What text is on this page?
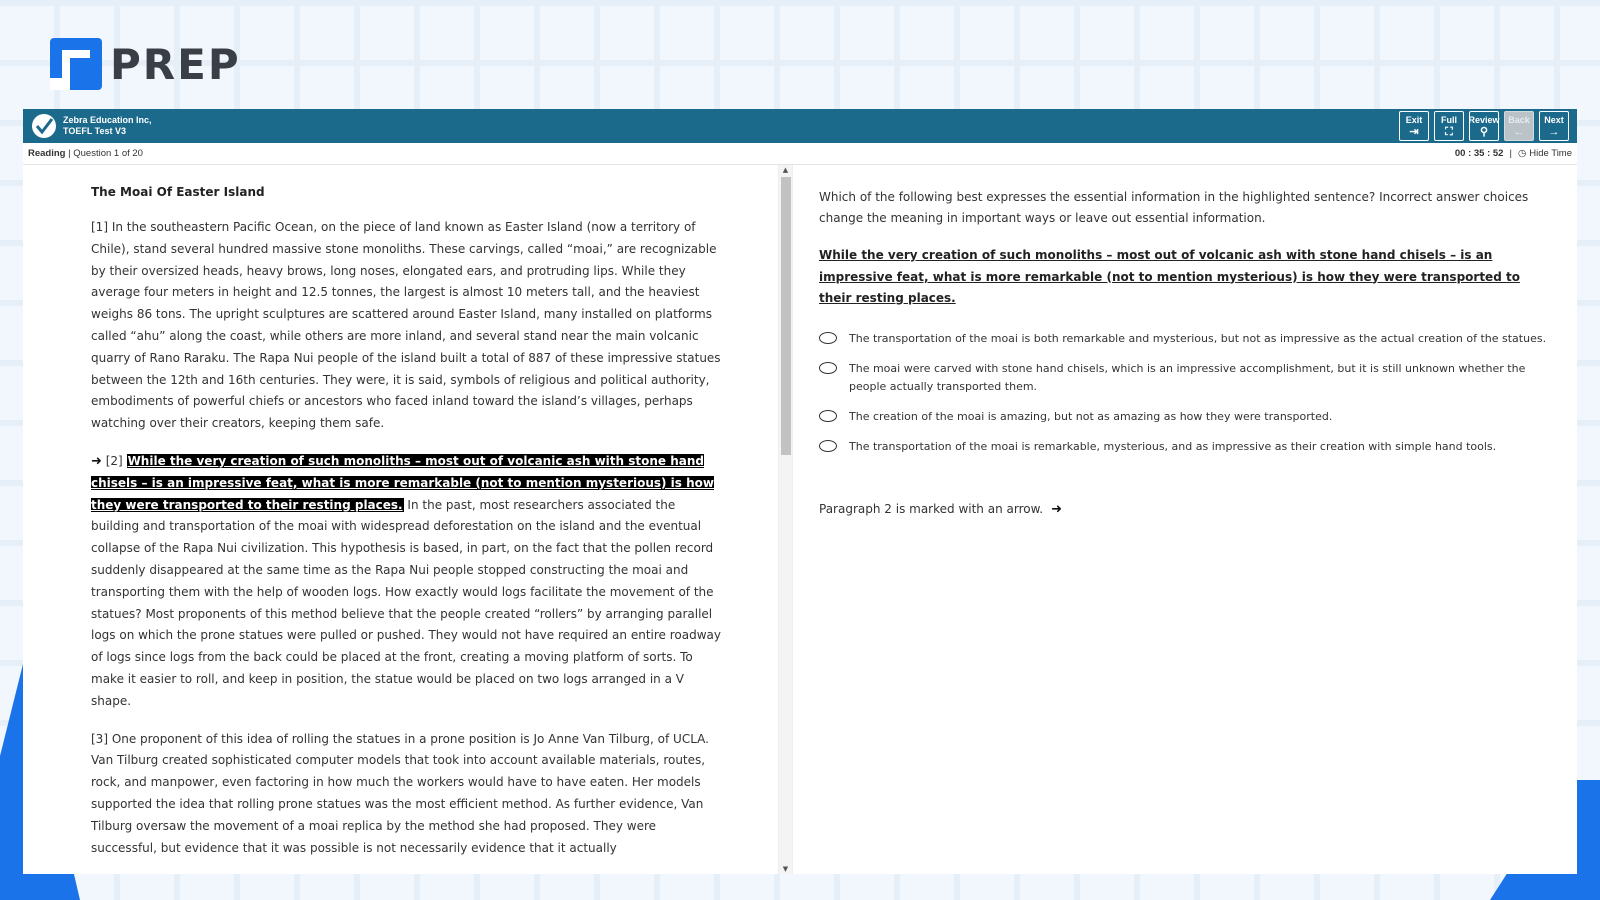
PREP
Zebra Education Inc,
TOEFL Test V3
Exit
⇥
Full
⛶
Review
⚲
Back
←
Next
→
Reading | Question 1 of 20	00 : 35 : 52 | ◷ Hide Time
The Moai Of Easter Island

[1] In the southeastern Pacific Ocean, on the piece of land known as Easter Island (now a territory of Chile), stand several hundred massive stone monoliths. These carvings, called “moai,” are recognizable by their oversized heads, heavy brows, long noses, elongated ears, and protruding lips. While they average four meters in height and 12.5 tonnes, the largest is almost 10 meters tall, and the heaviest weighs 86 tons. The upright sculptures are scattered around Easter Island, many installed on platforms called “ahu” along the coast, while others are more inland, and several stand near the main volcanic quarry of Rano Raraku. The Rapa Nui people of the island built a total of 887 of these impressive statues between the 12th and 16th centuries. They were, it is said, symbols of religious and political authority, embodiments of powerful chiefs or ancestors who faced inland toward the island’s villages, perhaps watching over their creators, keeping them safe.

➜ [2] While the very creation of such monoliths – most out of volcanic ash with stone hand chisels – is an impressive feat, what is more remarkable (not to mention mysterious) is how they were transported to their resting places. In the past, most researchers associated the building and transportation of the moai with widespread deforestation on the island and the eventual collapse of the Rapa Nui civilization. This hypothesis is based, in part, on the fact that the pollen record suddenly disappeared at the same time as the Rapa Nui people stopped constructing the moai and transporting them with the help of wooden logs. How exactly would logs facilitate the movement of the statues? Most proponents of this method believe that the people created “rollers” by arranging parallel logs on which the prone statues were pulled or pushed. They would not have required an entire roadway of logs since logs from the back could be placed at the front, creating a moving platform of sorts. To make it easier to roll, and keep in position, the statue would be placed on two logs arranged in a V shape.

[3] One proponent of this idea of rolling the statues in a prone position is Jo Anne Van Tilburg, of UCLA. Van Tilburg created sophisticated computer models that took into account available materials, routes, rock, and manpower, even factoring in how much the workers would have to have eaten. Her models supported the idea that rolling prone statues was the most efficient method. As further evidence, Van Tilburg oversaw the movement of a moai replica by the method she had proposed. They were successful, but evidence that it was possible is not necessarily evidence that it actually

▲
▼

Which of the following best expresses the essential information in the highlighted sentence? Incorrect answer choices change the meaning in important ways or leave out essential information.

While the very creation of such monoliths – most out of volcanic ash with stone hand chisels – is an impressive feat, what is more remarkable (not to mention mysterious) is how they were transported to their resting places.

The transportation of the moai is both remarkable and mysterious, but not as impressive as the actual creation of the statues.
The moai were carved with stone hand chisels, which is an impressive accomplishment, but it is still unknown whether the people actually transported them.
The creation of the moai is amazing, but not as amazing as how they were transported.
The transportation of the moai is remarkable, mysterious, and as impressive as their creation with simple hand tools.
Paragraph 2 is marked with an arrow. ➜
